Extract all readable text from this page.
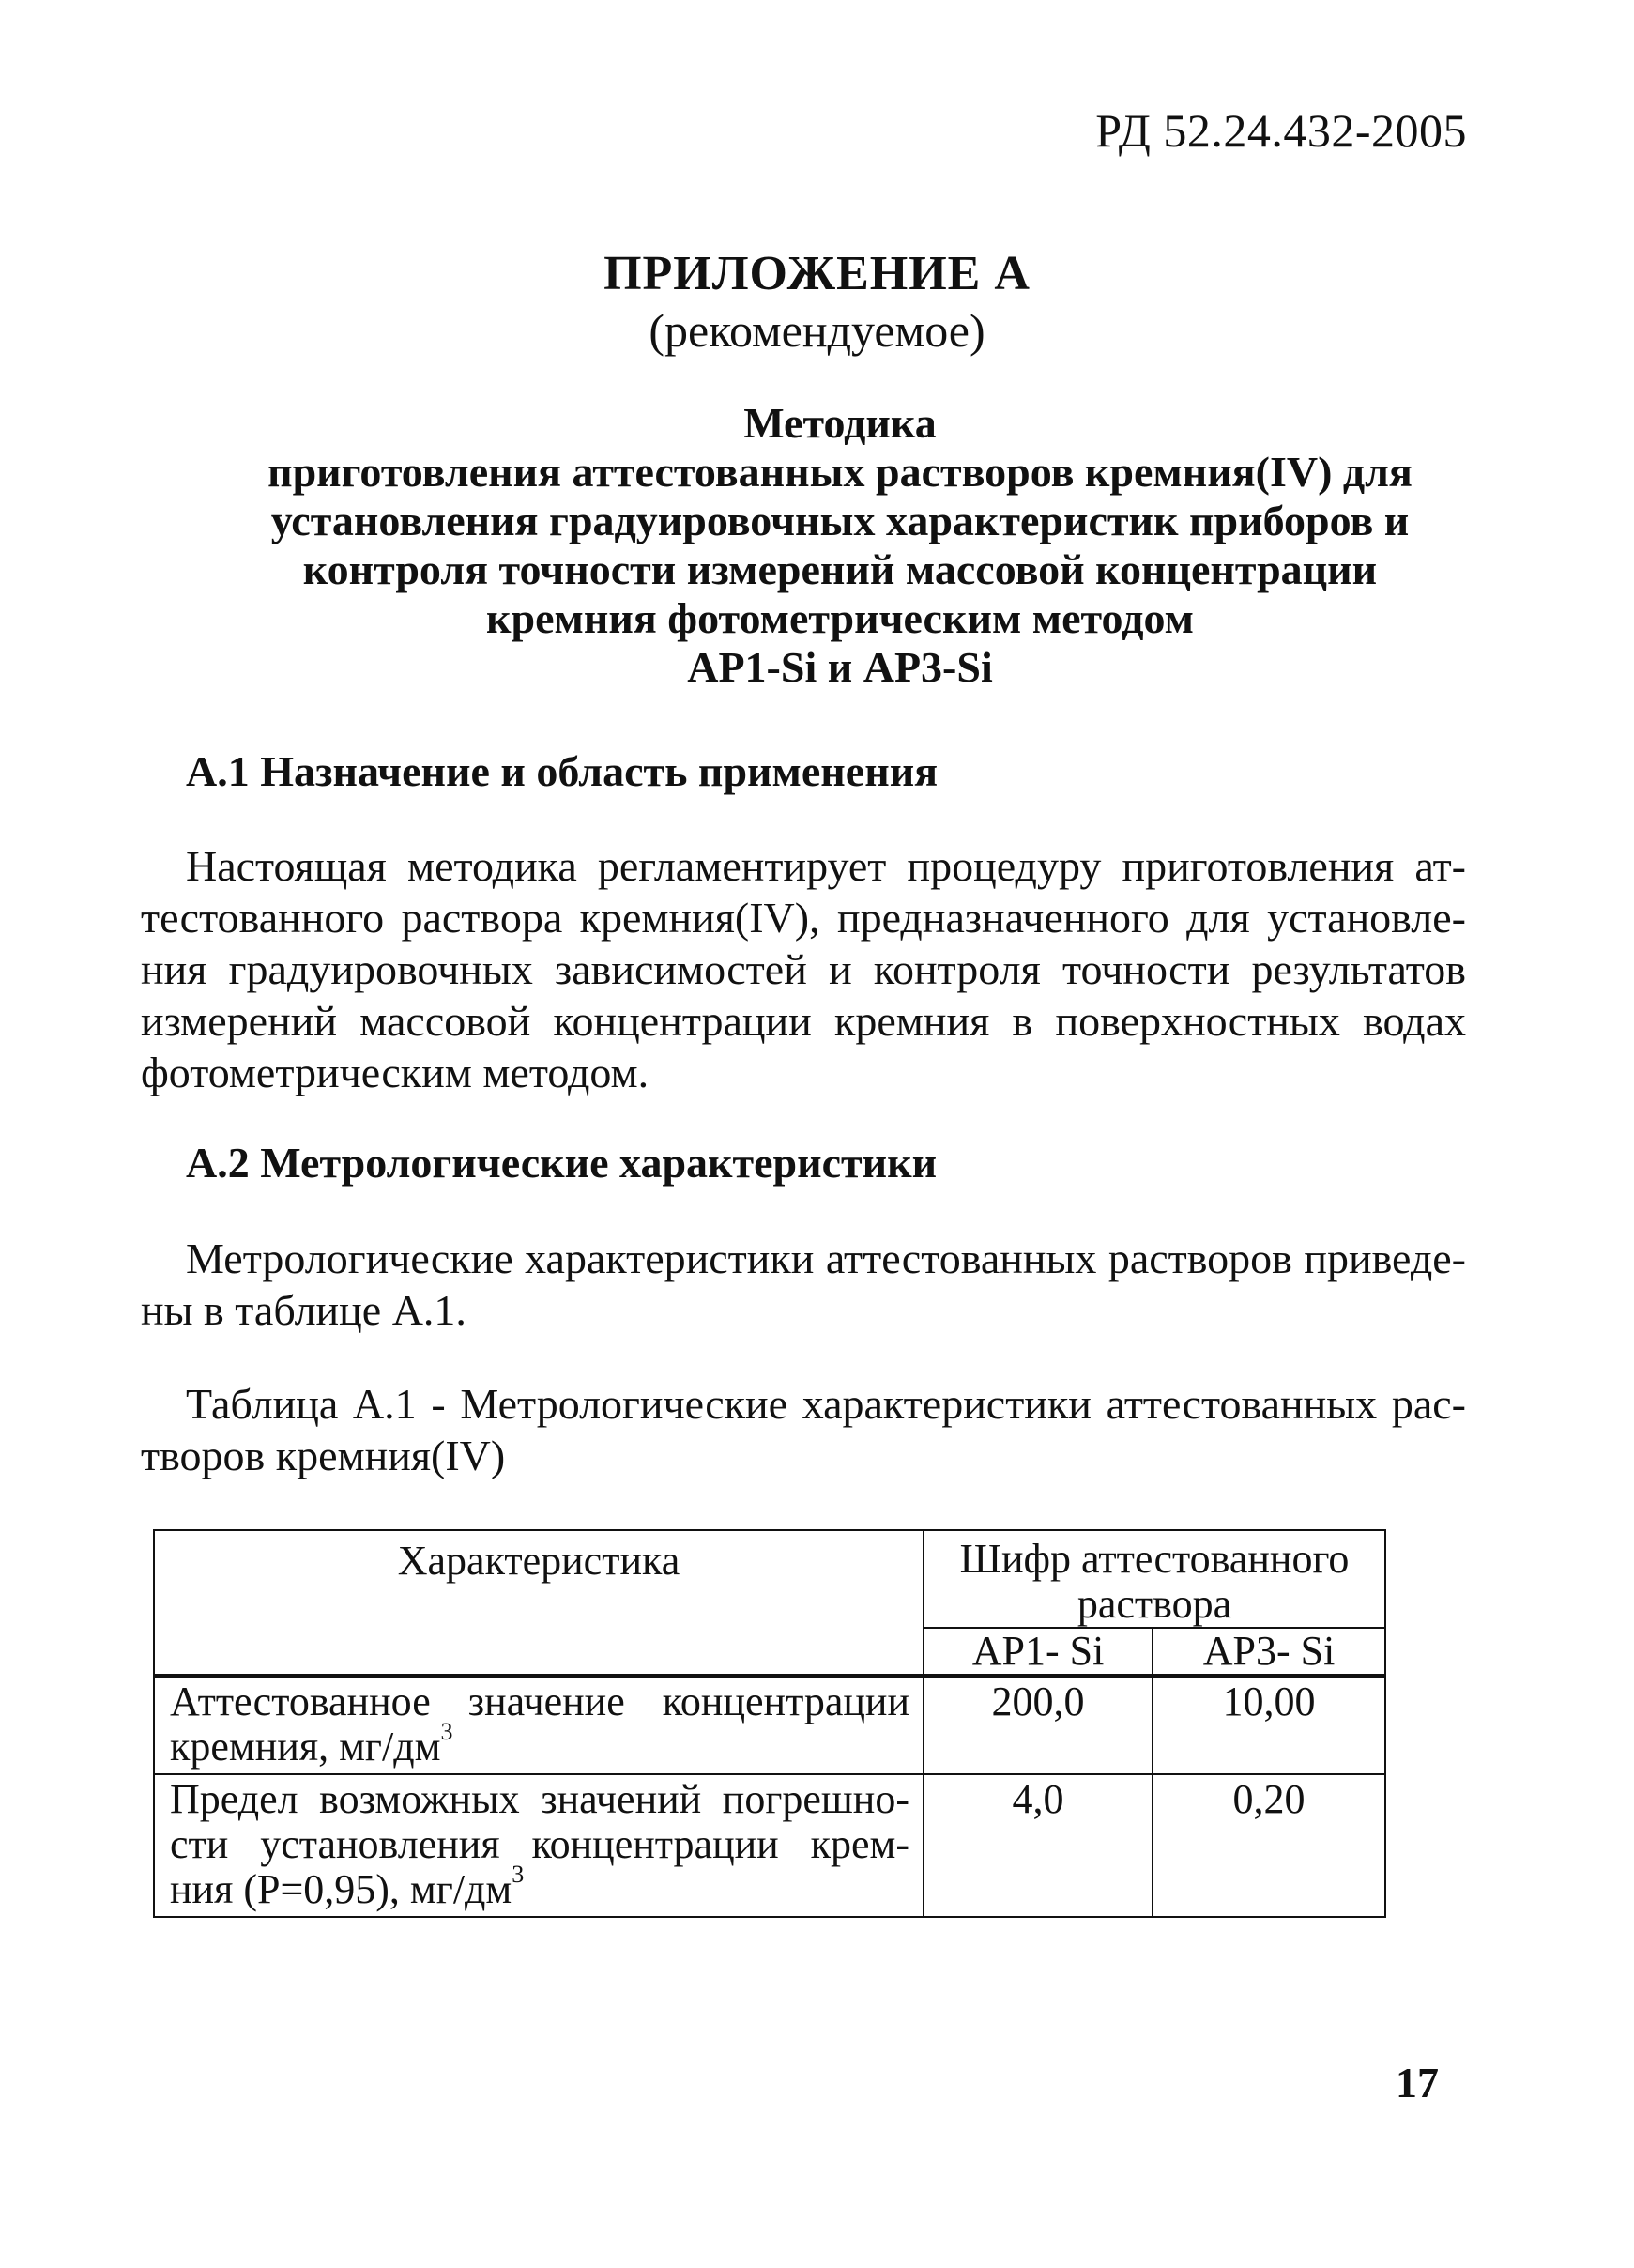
РД 52.24.432-2005
ПРИЛОЖЕНИЕ А
(рекомендуемое)
Методика
приготовления аттестованных растворов кремния(IV) для
установления градуировочных характеристик приборов и
контроля точности измерений массовой концентрации
кремния фотометрическим методом
АР1-Si и АР3-Si
А.1 Назначение и область применения
Настоящая методика регламентирует процедуру приготовления ат-
тестованного раствора кремния(IV), предназначенного для установле-
ния градуировочных зависимостей и контроля точности результатов
измерений массовой концентрации кремния в поверхностных водах
фотометрическим методом.
А.2 Метрологические характеристики
Метрологические характеристики аттестованных растворов приведе-
ны в таблице А.1.
Таблица А.1 - Метрологические характеристики аттестованных рас-
творов кремния(IV)
Характеристика	Шифр аттестованного
раствора	

	АР1- Si	АР3- Si

Аттестованное значение концентрации
кремния, $мг/дм^3$	200,0	10,00

Предел возможных значений погрешно-
сти установления концентрации крем-
ния (Р=0,95), $мг/дм^3$	4,0	0,20
17
